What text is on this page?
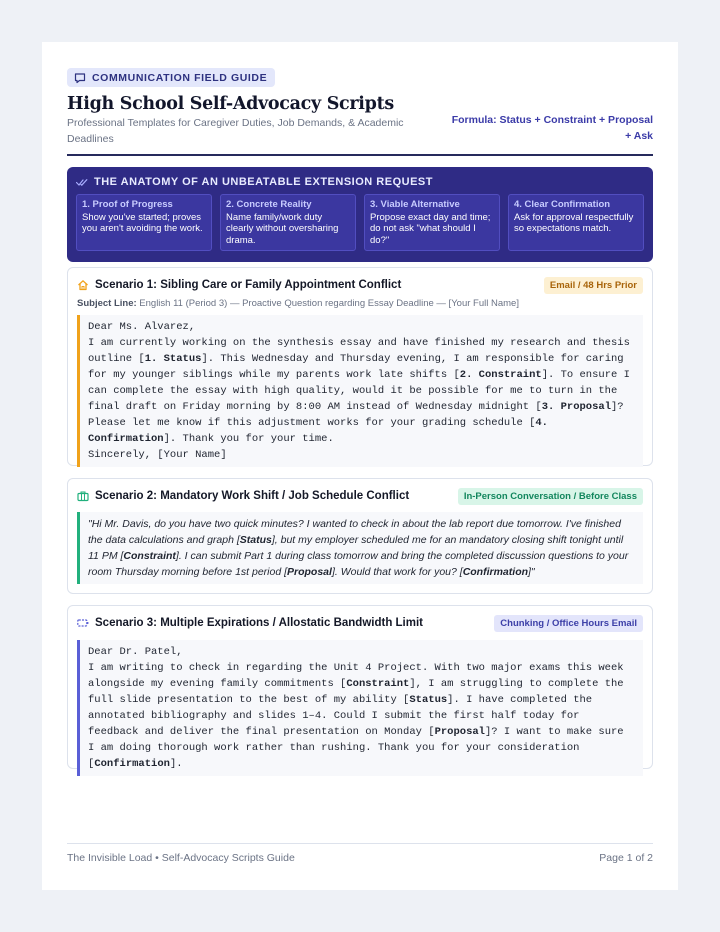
COMMUNICATION FIELD GUIDE
High School Self-Advocacy Scripts
Professional Templates for Caregiver Duties, Job Demands, & Academic Deadlines
Formula: Status + Constraint + Proposal + Ask
THE ANATOMY OF AN UNBEATABLE EXTENSION REQUEST
1. Proof of Progress
Show you've started; proves you aren't avoiding the work.
2. Concrete Reality
Name family/work duty clearly without oversharing drama.
3. Viable Alternative
Propose exact day and time; do not ask "what should I do?"
4. Clear Confirmation
Ask for approval respectfully so expectations match.
Scenario 1: Sibling Care or Family Appointment Conflict	Email / 48 Hrs Prior
Subject Line: English 11 (Period 3) — Proactive Question regarding Essay Deadline — [Your Full Name]
Dear Ms. Alvarez,
I am currently working on the synthesis essay and have finished my research and thesis outline [1. Status]. This Wednesday and Thursday evening, I am responsible for caring for my younger siblings while my parents work late shifts [2. Constraint]. To ensure I can complete the essay with high quality, would it be possible for me to turn in the final draft on Friday morning by 8:00 AM instead of Wednesday midnight [3. Proposal]? Please let me know if this adjustment works for your grading schedule [4. Confirmation]. Thank you for your time.
Sincerely, [Your Name]
Scenario 2: Mandatory Work Shift / Job Schedule Conflict	In-Person Conversation / Before Class
"Hi Mr. Davis, do you have two quick minutes? I wanted to check in about the lab report due tomorrow. I've finished the data calculations and graph [Status], but my employer scheduled me for an mandatory closing shift tonight until 11 PM [Constraint]. I can submit Part 1 during class tomorrow and bring the completed discussion questions to your room Thursday morning before 1st period [Proposal]. Would that work for you? [Confirmation]"
Scenario 3: Multiple Expirations / Allostatic Bandwidth Limit	Chunking / Office Hours Email
Dear Dr. Patel,
I am writing to check in regarding the Unit 4 Project. With two major exams this week alongside my evening family commitments [Constraint], I am struggling to complete the full slide presentation to the best of my ability [Status]. I have completed the annotated bibliography and slides 1–4. Could I submit the first half today for feedback and deliver the final presentation on Monday [Proposal]? I want to make sure I am doing thorough work rather than rushing. Thank you for your consideration [Confirmation].
The Invisible Load • Self-Advocacy Scripts Guide	Page 1 of 2
